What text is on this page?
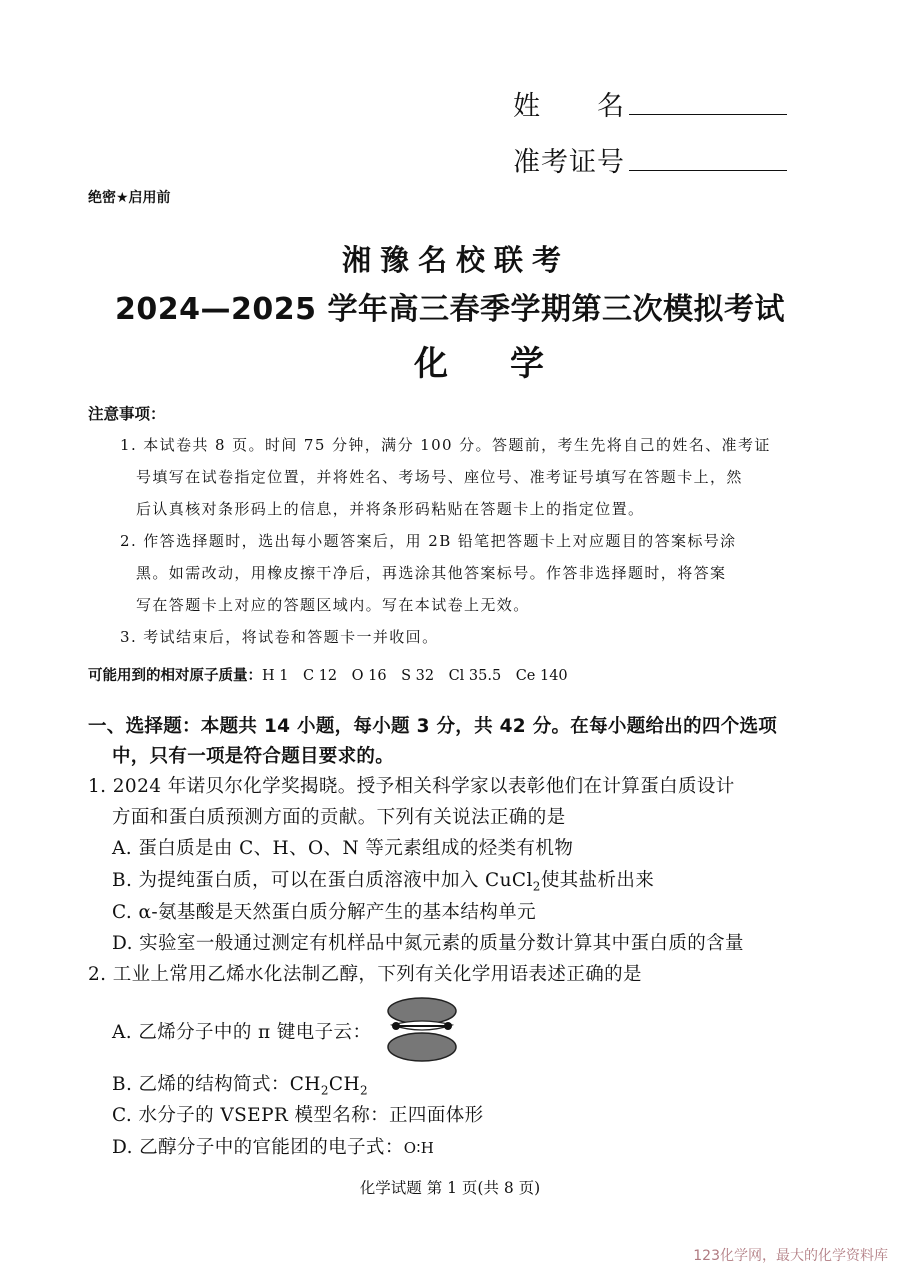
姓　　名
准考证号
绝密★启用前
湘豫名校联考
2024—2025 学年高三春季学期第三次模拟考试
化学
注意事项：
1. 本试卷共 8 页。时间 75 分钟，满分 100 分。答题前，考生先将自己的姓名、准考证
号填写在试卷指定位置，并将姓名、考场号、座位号、准考证号填写在答题卡上，然
后认真核对条形码上的信息，并将条形码粘贴在答题卡上的指定位置。
2. 作答选择题时，选出每小题答案后，用 2B 铅笔把答题卡上对应题目的答案标号涂
黑。如需改动，用橡皮擦干净后，再选涂其他答案标号。作答非选择题时，将答案
写在答题卡上对应的答题区域内。写在本试卷上无效。
3. 考试结束后，将试卷和答题卡一并收回。
可能用到的相对原子质量：H 1　C 12　O 16　S 32　Cl 35.5　Ce 140
一、选择题：本题共 14 小题，每小题 3 分，共 42 分。在每小题给出的四个选项
中，只有一项是符合题目要求的。
1. 2024 年诺贝尔化学奖揭晓。授予相关科学家以表彰他们在计算蛋白质设计
方面和蛋白质预测方面的贡献。下列有关说法正确的是
A. 蛋白质是由 C、H、O、N 等元素组成的烃类有机物
B. 为提纯蛋白质，可以在蛋白质溶液中加入 CuCl$_2$使其盐析出来
C. α-氨基酸是天然蛋白质分解产生的基本结构单元
D. 实验室一般通过测定有机样品中氮元素的质量分数计算其中蛋白质的含量
2. 工业上常用乙烯水化法制乙醇，下列有关化学用语表述正确的是
A. 乙烯分子中的 π 键电子云：
B. 乙烯的结构简式：$CH_2CH_2$
C. 水分子的 VSEPR 模型名称：正四面体形
D. 乙醇分子中的官能团的电子式：O∶H
化学试题 第 1 页(共 8 页)
123化学网，最大的化学资料库
